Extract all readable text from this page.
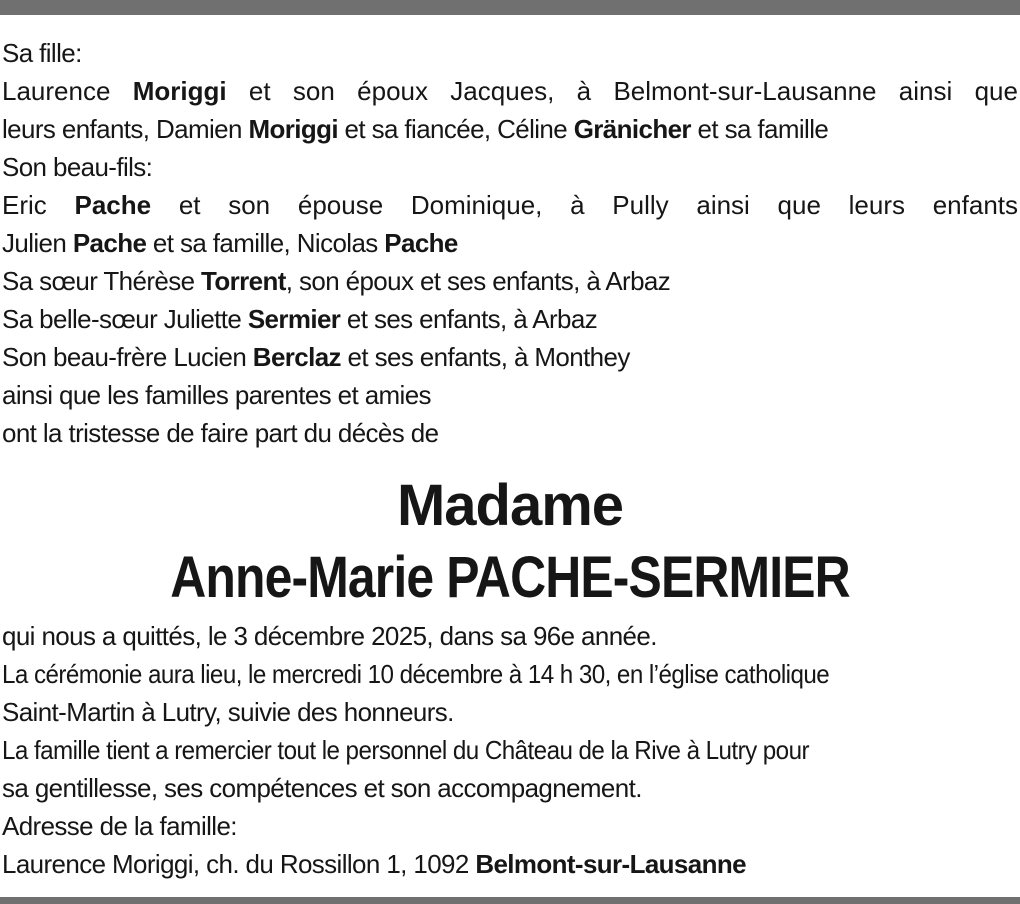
Sa fille:
Laurence Moriggi et son époux Jacques, à Belmont-sur-Lausanne ainsi que
leurs enfants, Damien Moriggi et sa fiancée, Céline Gränicher et sa famille
Son beau-fils:
Eric Pache et son épouse Dominique, à Pully ainsi que leurs enfants
Julien Pache et sa famille, Nicolas Pache
Sa sœur Thérèse Torrent, son époux et ses enfants, à Arbaz
Sa belle-sœur Juliette Sermier et ses enfants, à Arbaz
Son beau-frère Lucien Berclaz et ses enfants, à Monthey
ainsi que les familles parentes et amies
ont la tristesse de faire part du décès de
Madame
Anne-Marie PACHE-SERMIER
qui nous a quittés, le 3 décembre 2025, dans sa 96e année.
La cérémonie aura lieu, le mercredi 10 décembre à 14 h 30, en l’église catholique
Saint-Martin à Lutry, suivie des honneurs.
La famille tient a remercier tout le personnel du Château de la Rive à Lutry pour
sa gentillesse, ses compétences et son accompagnement.
Adresse de la famille:
Laurence Moriggi, ch. du Rossillon 1, 1092 Belmont-sur-Lausanne
